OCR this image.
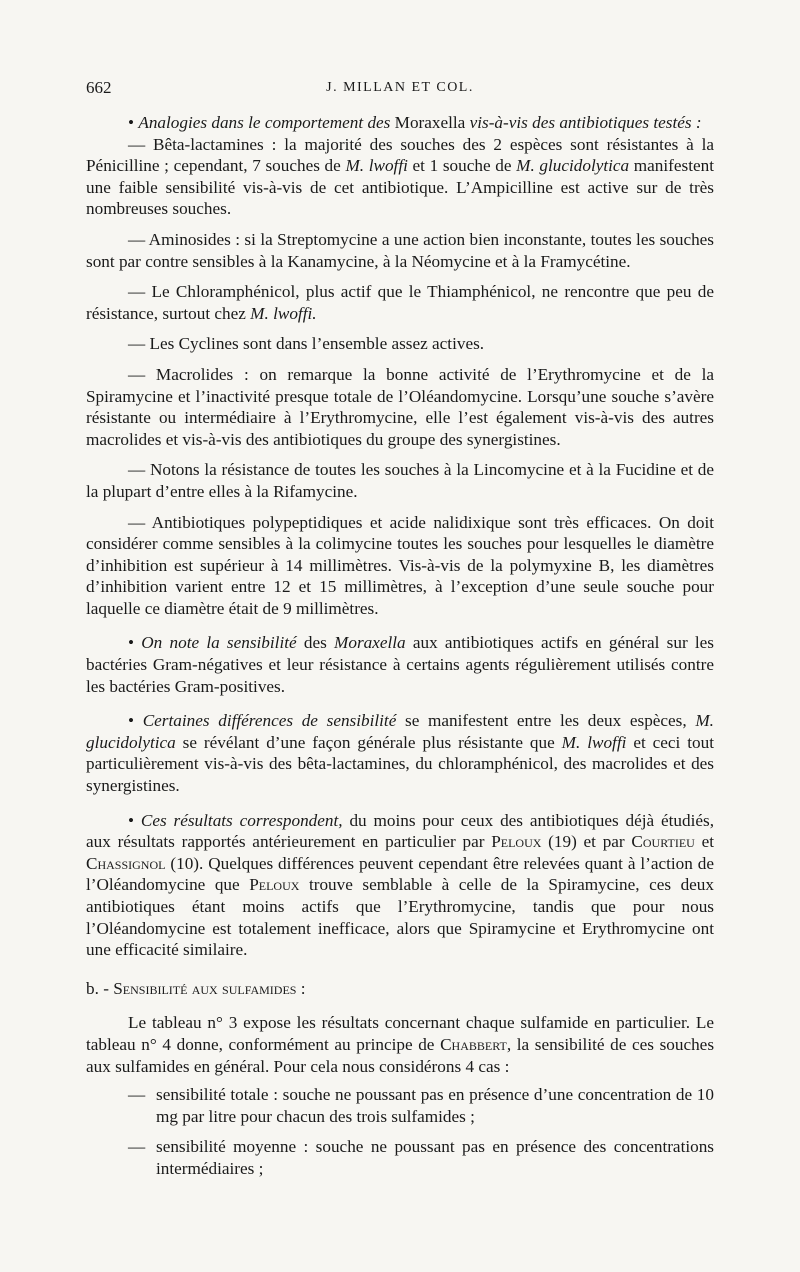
662	J. MILLAN ET COL.

• Analogies dans le comportement des Moraxella vis-à-vis des antibiotiques testés :

— Bêta-lactamines : la majorité des souches des 2 espèces sont résistantes à la Pénicilline ; cependant, 7 souches de M. lwoffi et 1 souche de M. glucidolytica manifestent une faible sensibilité vis-à-vis de cet antibiotique. L’Ampicilline est active sur de très nombreuses souches.

— Aminosides : si la Streptomycine a une action bien inconstante, toutes les souches sont par contre sensibles à la Kanamycine, à la Néomycine et à la Framycétine.

— Le Chloramphénicol, plus actif que le Thiamphénicol, ne rencontre que peu de résistance, surtout chez M. lwoffi.

— Les Cyclines sont dans l’ensemble assez actives.

— Macrolides : on remarque la bonne activité de l’Erythromycine et de la Spiramycine et l’inactivité presque totale de l’Oléandomycine. Lorsqu’une souche s’avère résistante ou intermédiaire à l’Erythromycine, elle l’est également vis-à-vis des autres macrolides et vis-à-vis des antibiotiques du groupe des synergistines.

— Notons la résistance de toutes les souches à la Lincomycine et à la Fucidine et de la plupart d’entre elles à la Rifamycine.

— Antibiotiques polypeptidiques et acide nalidixique sont très efficaces. On doit considérer comme sensibles à la colimycine toutes les souches pour lesquelles le diamètre d’inhibition est supérieur à 14 millimètres. Vis-à-vis de la polymyxine B, les diamètres d’inhibition varient entre 12 et 15 millimètres, à l’exception d’une seule souche pour laquelle ce diamètre était de 9 millimètres.

• On note la sensibilité des Moraxella aux antibiotiques actifs en général sur les bactéries Gram-négatives et leur résistance à certains agents régulièrement utilisés contre les bactéries Gram-positives.

• Certaines différences de sensibilité se manifestent entre les deux espèces, M. glucidolytica se révélant d’une façon générale plus résistante que M. lwoffi et ceci tout particulièrement vis-à-vis des bêta-lactamines, du chloramphénicol, des macrolides et des synergistines.

• Ces résultats correspondent, du moins pour ceux des antibiotiques déjà étudiés, aux résultats rapportés antérieurement en particulier par Peloux (19) et par Courtieu et Chassignol (10). Quelques différences peuvent cependant être relevées quant à l’action de l’Oléandomycine que Peloux trouve semblable à celle de la Spiramycine, ces deux antibiotiques étant moins actifs que l’Erythromycine, tandis que pour nous l’Oléandomycine est totalement inefficace, alors que Spiramycine et Erythromycine ont une efficacité similaire.

b. - Sensibilité aux sulfamides :

Le tableau n° 3 expose les résultats concernant chaque sulfamide en particulier. Le tableau n° 4 donne, conformément au principe de Chabbert, la sensibilité de ces souches aux sulfamides en général. Pour cela nous considérons 4 cas :

— sensibilité totale : souche ne poussant pas en présence d’une concentration de 10 mg par litre pour chacun des trois sulfamides ;
— sensibilité moyenne : souche ne poussant pas en présence des concentrations intermédiaires ;
